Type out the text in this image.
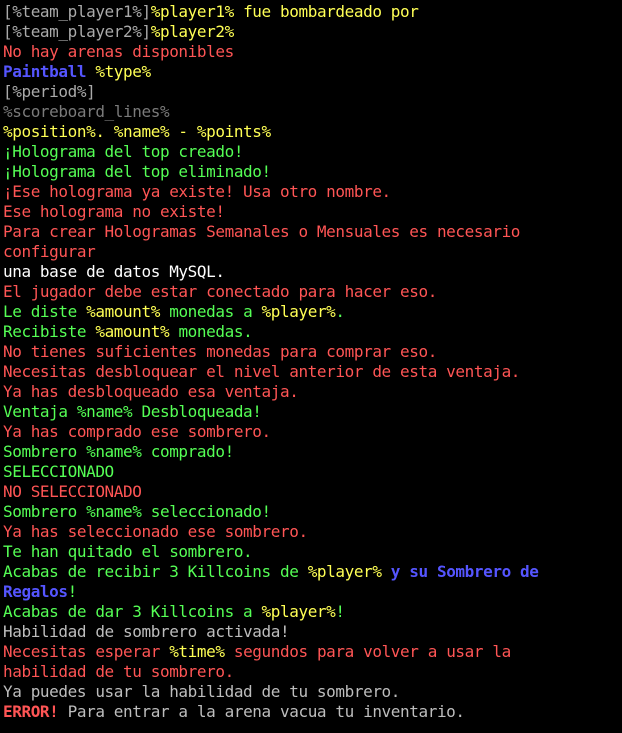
[%team_player1%]%player1% fue bombardeado por
[%team_player2%]%player2%
No hay arenas disponibles
Paintball %type%
[%period%]
%scoreboard_lines%
%position%. %name% - %points%
¡Holograma del top creado!
¡Holograma del top eliminado!
¡Ese holograma ya existe! Usa otro nombre.
Ese holograma no existe!
Para crear Hologramas Semanales o Mensuales es necesario
configurar
una base de datos MySQL.
El jugador debe estar conectado para hacer eso.
Le diste %amount% monedas a %player%.
Recibiste %amount% monedas.
No tienes suficientes monedas para comprar eso.
Necesitas desbloquear el nivel anterior de esta ventaja.
Ya has desbloqueado esa ventaja.
Ventaja %name% Desbloqueada!
Ya has comprado ese sombrero.
Sombrero %name% comprado!
SELECCIONADO
NO SELECCIONADO
Sombrero %name% seleccionado!
Ya has seleccionado ese sombrero.
Te han quitado el sombrero.
Acabas de recibir 3 Killcoins de %player% y su Sombrero de
Regalos!
Acabas de dar 3 Killcoins a %player%!
Habilidad de sombrero activada!
Necesitas esperar %time% segundos para volver a usar la
habilidad de tu sombrero.
Ya puedes usar la habilidad de tu sombrero.
ERROR! Para entrar a la arena vacua tu inventario.
